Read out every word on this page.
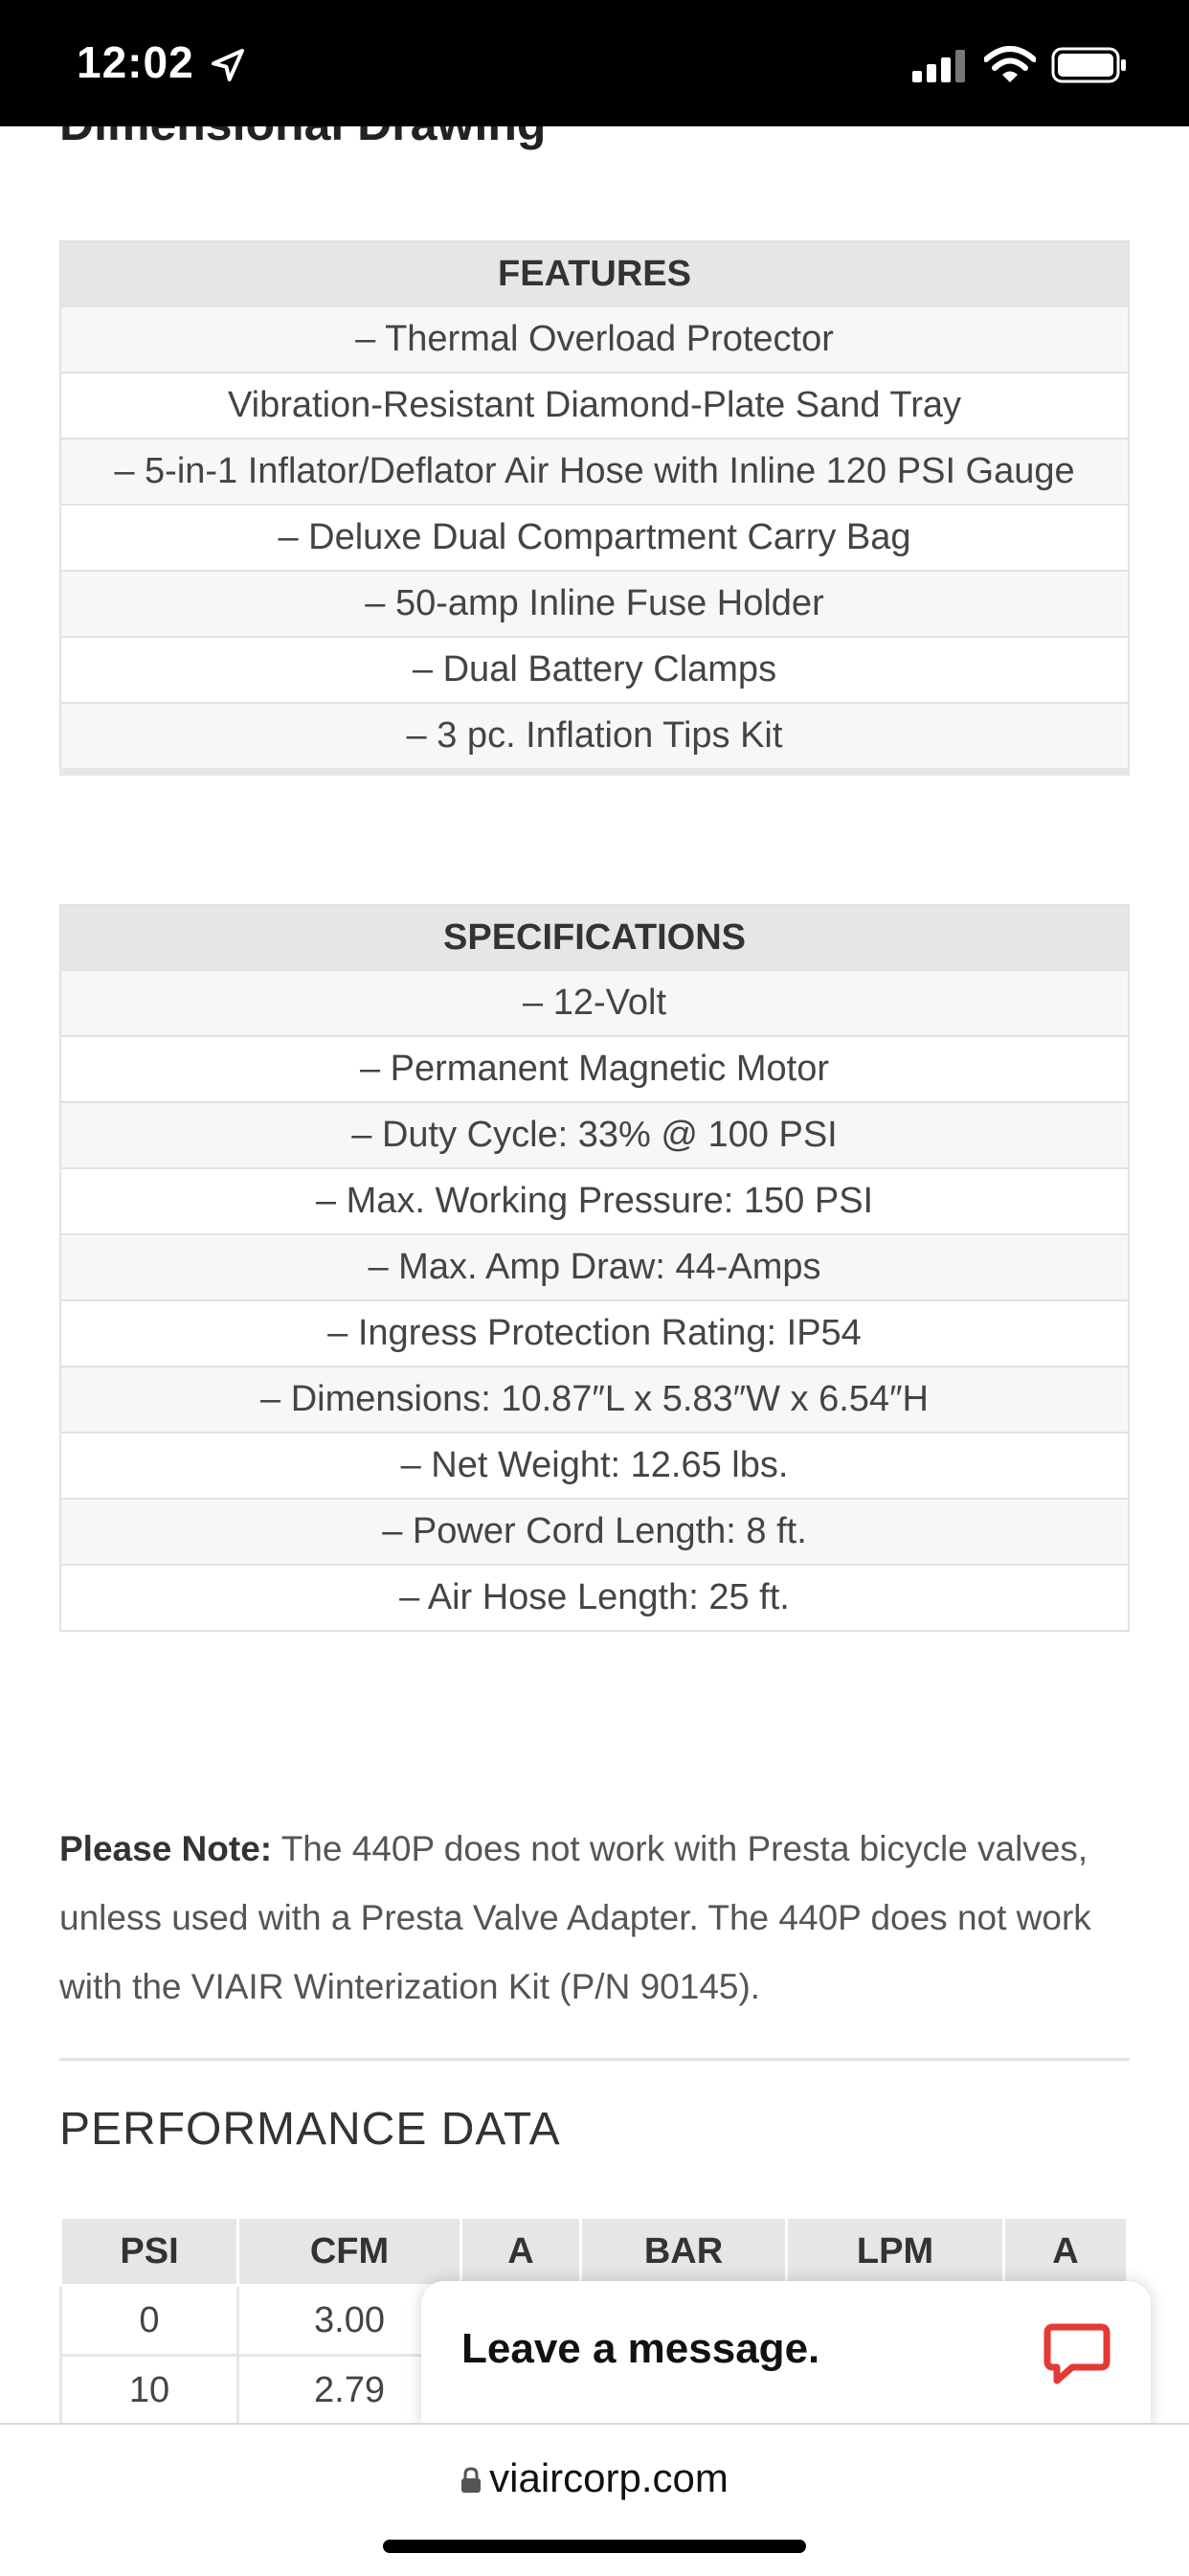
12:02
FEATURES
– Thermal Overload Protector
Vibration-Resistant Diamond-Plate Sand Tray
– 5-in-1 Inflator/Deflator Air Hose with Inline 120 PSI Gauge
– Deluxe Dual Compartment Carry Bag
– 50-amp Inline Fuse Holder
– Dual Battery Clamps
– 3 pc. Inflation Tips Kit
SPECIFICATIONS
– 12-Volt
– Permanent Magnetic Motor
– Duty Cycle: 33% @ 100 PSI
– Max. Working Pressure: 150 PSI
– Max. Amp Draw: 44-Amps
– Ingress Protection Rating: IP54
– Dimensions: 10.87″L x 5.83″W x 6.54″H
– Net Weight: 12.65 lbs.
– Power Cord Length: 8 ft.
– Air Hose Length: 25 ft.
Please Note: The 440P does not work with Presta bicycle valves, unless used with a Presta Valve Adapter. The 440P does not work with the VIAIR Winterization Kit (P/N 90145).
PERFORMANCE DATA
PSI	CFM	A	BAR	LPM	A
0	3.00				
10	2.79				
Leave a message.
viaircorp.com
